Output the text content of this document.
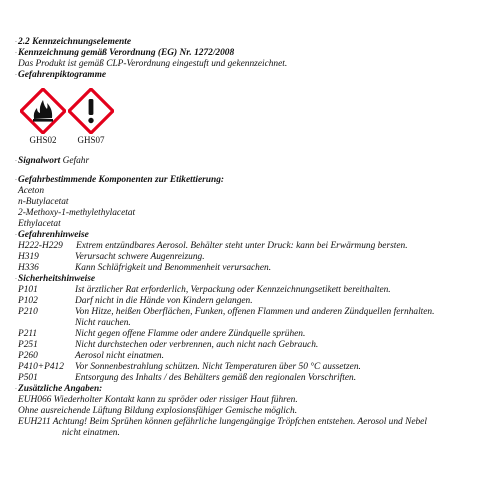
· 2.2 Kennzeichnungselemente
· Kennzeichnung gemäß Verordnung (EG) Nr. 1272/2008
Das Produkt ist gemäß CLP-Verordnung eingestuft und gekennzeichnet.
· Gefahrenpiktogramme
GHS02	GHS07
· Signalwort Gefahr
· Gefahrbestimmende Komponenten zur Etikettierung:
Aceton
n-Butylacetat
2-Methoxy-1-methylethylacetat
Ethylacetat
· Gefahrenhinweise
H222-H229 Extrem entzündbares Aerosol. Behälter steht unter Druck: kann bei Erwärmung bersten.
H319	Verursacht schwere Augenreizung.
H336	Kann Schläfrigkeit und Benommenheit verursachen.
· Sicherheitshinweise
P101	Ist ärztlicher Rat erforderlich, Verpackung oder Kennzeichnungsetikett bereithalten.
P102	Darf nicht in die Hände von Kindern gelangen.
P210	Von Hitze, heißen Oberflächen, Funken, offenen Flammen und anderen Zündquellen fernhalten.
Nicht rauchen.
P211	Nicht gegen offene Flamme oder andere Zündquelle sprühen.
P251	Nicht durchstechen oder verbrennen, auch nicht nach Gebrauch.
P260	Aerosol nicht einatmen.
P410+P412 Vor Sonnenbestrahlung schützen. Nicht Temperaturen über 50 °C aussetzen.
P501	Entsorgung des Inhalts / des Behälters gemäß den regionalen Vorschriften.
· Zusätzliche Angaben:
EUH066 Wiederholter Kontakt kann zu spröder oder rissiger Haut führen.
Ohne ausreichende Lüftung Bildung explosionsfähiger Gemische möglich.
EUH211 Achtung! Beim Sprühen können gefährliche lungengängige Tröpfchen entstehen. Aerosol und Nebel
nicht einatmen.
